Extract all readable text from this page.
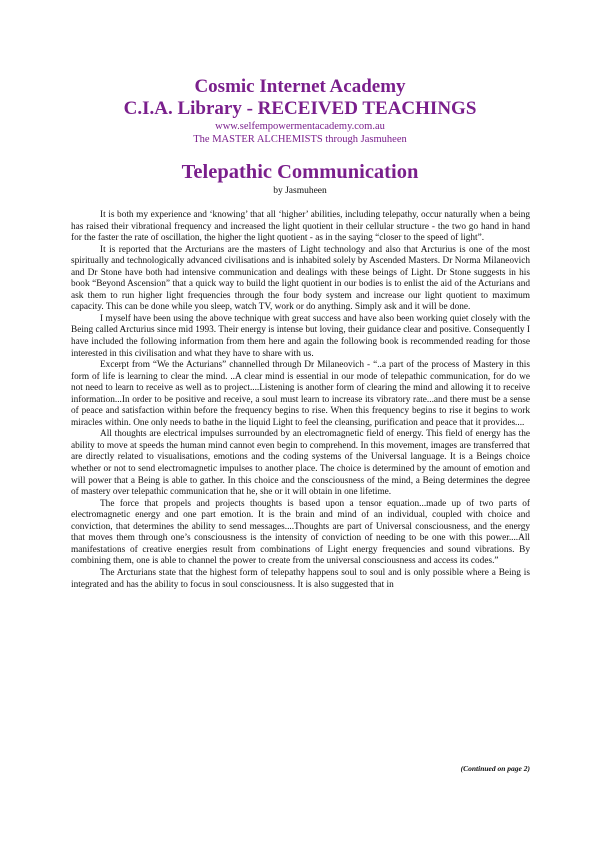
Cosmic Internet Academy

C.I.A. Library - RECEIVED TEACHINGS

www.selfempowermentacademy.com.au

The MASTER ALCHEMISTS through Jasmuheen

Telepathic Communication

by Jasmuheen

It is both my experience and ‘knowing’ that all ‘higher’ abilities, including telepathy, occur naturally when a being has raised their vibrational frequency and increased the light quotient in their cellular structure - the two go hand in hand for the faster the rate of oscillation, the higher the light quotient - as in the saying “closer to the speed of light”.

It is reported that the Arcturians are the masters of Light technology and also that Arcturius is one of the most spiritually and technologically advanced civilisations and is inhabited solely by Ascended Masters. Dr Norma Milaneovich and Dr Stone have both had intensive communication and dealings with these beings of Light. Dr Stone suggests in his book “Beyond Ascension” that a quick way to build the light quotient in our bodies is to enlist the aid of the Acturians and ask them to run higher light frequencies through the four body system and increase our light quotient to maximum capacity. This can be done while you sleep, watch TV, work or do anything. Simply ask and it will be done.

I myself have been using the above technique with great success and have also been working quiet closely with the Being called Arcturius since mid 1993. Their energy is intense but loving, their guidance clear and positive. Consequently I have included the following information from them here and again the following book is recommended reading for those interested in this civilisation and what they have to share with us.

Excerpt from “We the Acturians” channelled through Dr Milaneovich - “..a part of the process of Mastery in this form of life is learning to clear the mind. ..A clear mind is essential in our mode of telepathic communication, for do we not need to learn to receive as well as to project....Listening is another form of clearing the mind and allowing it to receive information...In order to be positive and receive, a soul must learn to increase its vibratory rate...and there must be a sense of peace and satisfaction within before the frequency begins to rise. When this frequency begins to rise it begins to work miracles within. One only needs to bathe in the liquid Light to feel the cleansing, purification and peace that it provides....

All thoughts are electrical impulses surrounded by an electromagnetic field of energy. This field of energy has the ability to move at speeds the human mind cannot even begin to comprehend. In this movement, images are transferred that are directly related to visualisations, emotions and the coding systems of the Universal language. It is a Beings choice whether or not to send electromagnetic impulses to another place. The choice is determined by the amount of emotion and will power that a Being is able to gather. In this choice and the consciousness of the mind, a Being determines the degree of mastery over telepathic communication that he, she or it will obtain in one lifetime.

The force that propels and projects thoughts is based upon a tensor equation...made up of two parts of electromagnetic energy and one part emotion. It is the brain and mind of an individual, coupled with choice and conviction, that determines the ability to send messages....Thoughts are part of Universal consciousness, and the energy that moves them through one’s consciousness is the intensity of conviction of needing to be one with this power....All manifestations of creative energies result from combinations of Light energy frequencies and sound vibrations. By combining them, one is able to channel the power to create from the universal consciousness and access its codes.”

The Arcturians state that the highest form of telepathy happens soul to soul and is only possible where a Being is integrated and has the ability to focus in soul consciousness. It is also suggested that in

(Continued on page 2)
